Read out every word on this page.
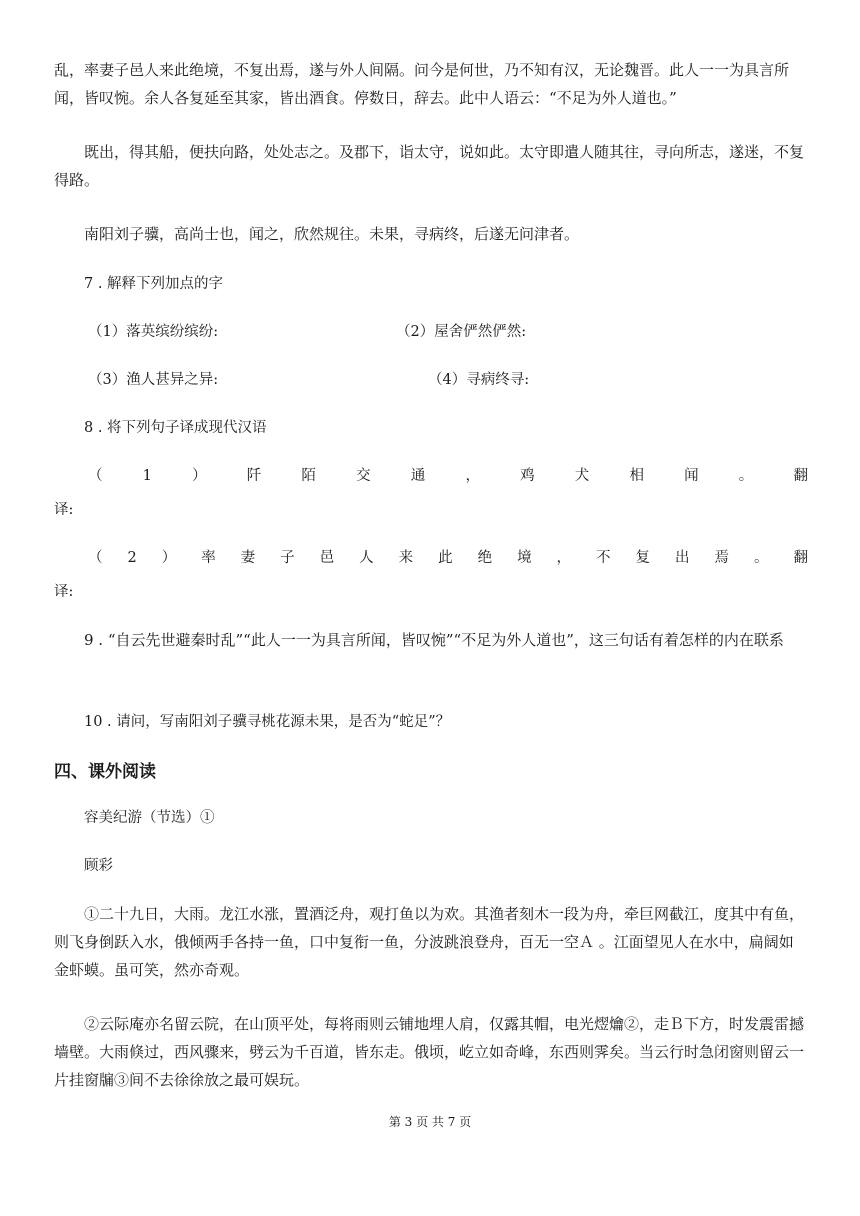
乱，率妻子邑人来此绝境，不复出焉，遂与外人间隔。问今是何世，乃不知有汉，无论魏晋。此人一一为具言所闻，皆叹惋。余人各复延至其家，皆出酒食。停数日，辞去。此中人语云：“不足为外人道也。”

既出，得其船，便扶向路，处处志之。及郡下，诣太守，说如此。太守即遣人随其往，寻向所志，遂迷，不复得路。

南阳刘子骥，高尚士也，闻之，欣然规往。未果，寻病终，后遂无问津者。

7 . 解释下列加点的字

（1）落英缤纷缤纷:	（2）屋舍俨然俨然:

（3）渔人甚异之异:	（4）寻病终寻:

8 . 将下列句子译成现代汉语

（	1	）	阡	陌	交	通	，	鸡	犬	相	闻	。	翻

译:

（ 2 ） 率 妻 子 邑 人 来 此 绝 境 ， 不 复 出 焉 。 翻

译:

9 . “自云先世避秦时乱”“此人一一为具言所闻，皆叹惋”“不足为外人道也”，这三句话有着怎样的内在联系

10 . 请问，写南阳刘子骥寻桃花源未果，是否为“蛇足”？

四、课外阅读

容美纪游（节选）①

顾彩

①二十九日，大雨。龙江水涨，置酒泛舟，观打鱼以为欢。其渔者刻木一段为舟，牵巨网截江，度其中有鱼，则飞身倒跃入水，俄倾两手各持一鱼，口中复衔一鱼，分波跳浪登舟，百无一空Ａ 。江面望见人在水中，扁阔如金虾蟆。虽可笑，然亦奇观。

②云际庵亦名留云院，在山顶平处，每将雨则云铺地埋人肩，仅露其帽，电光熤爚②，走Ｂ下方，时发震雷撼墙壁。大雨倏过，西风骤来，劈云为千百道，皆东走。俄顷，屹立如奇峰，东西则霁矣。当云行时急闭窗则留云一片挂窗牖③间不去徐徐放之最可娱玩。

第 3 页 共 7 页
